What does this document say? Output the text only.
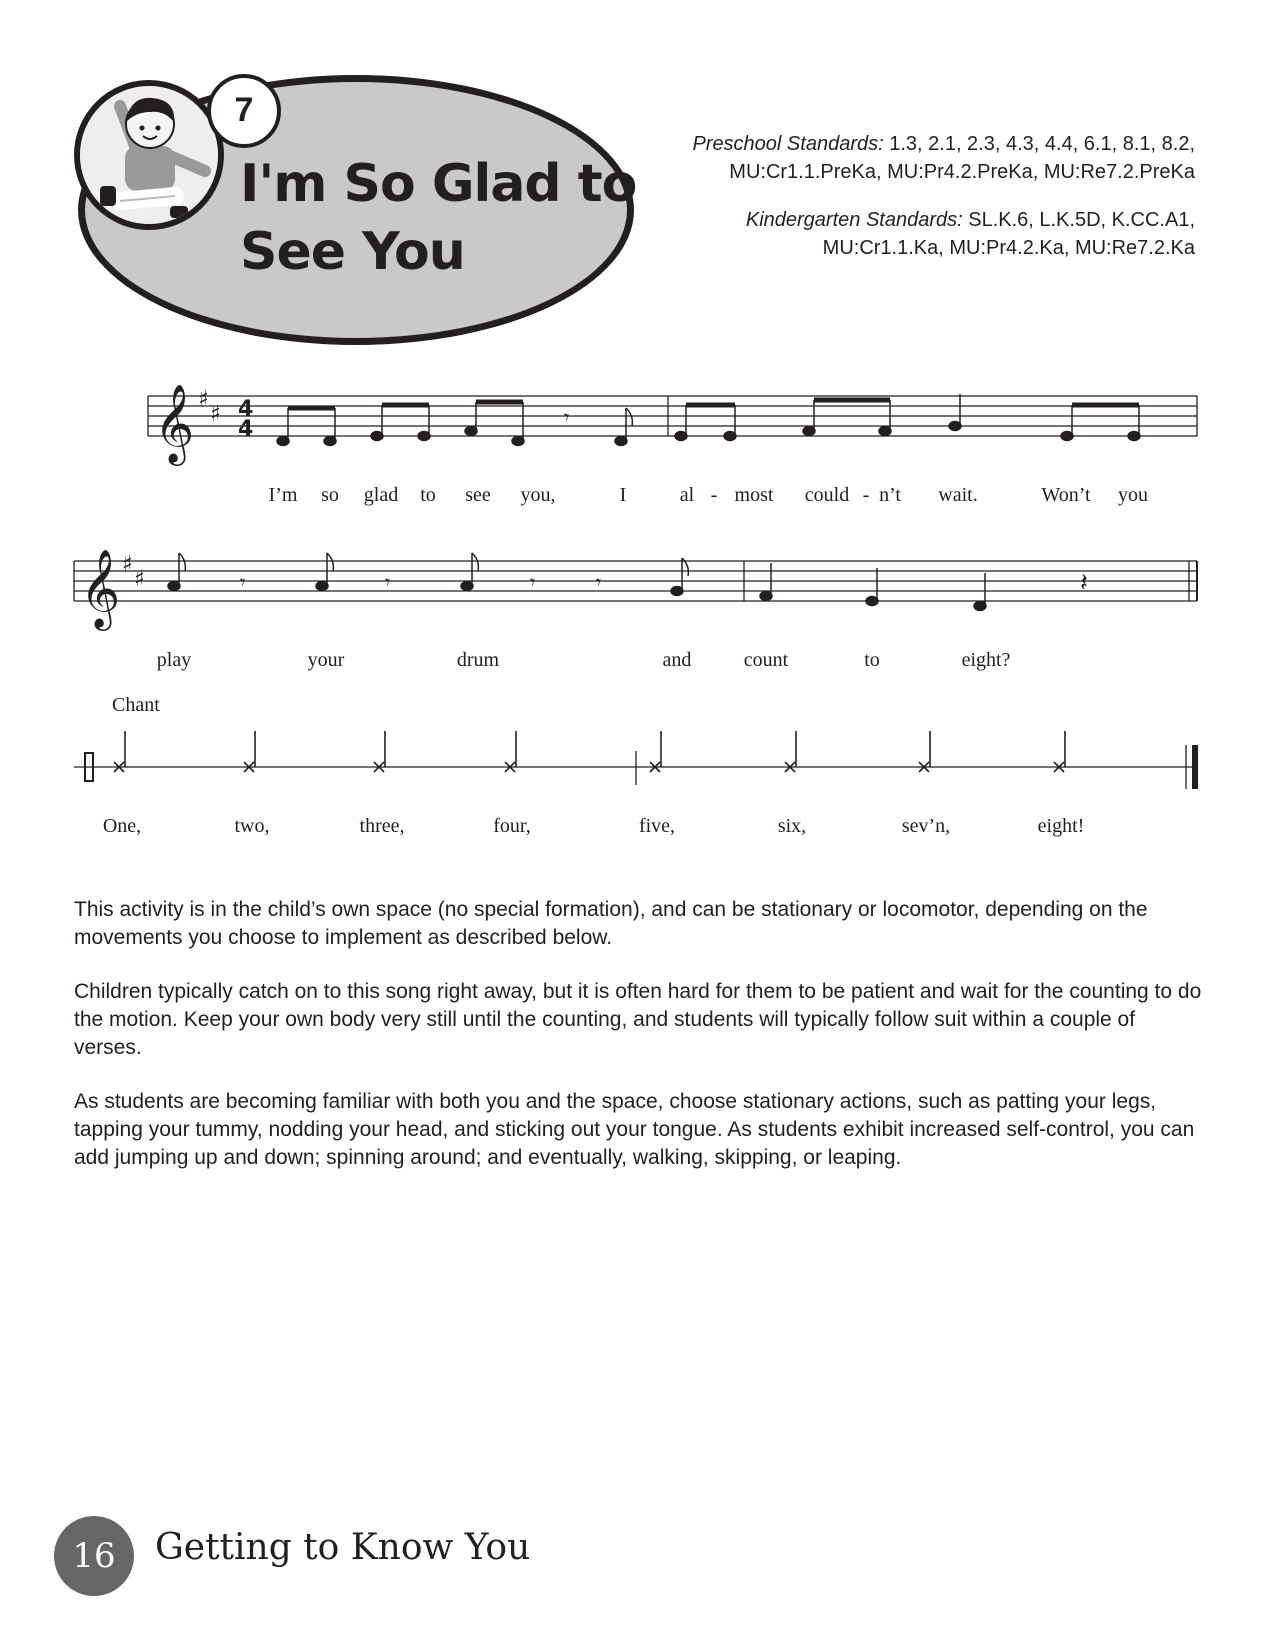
7
I'm So Glad to
See You
Preschool Standards: 1.3, 2.1, 2.3, 4.3, 4.4, 6.1, 8.1, 8.2,
MU:Cr1.1.PreKa, MU:Pr4.2.PreKa, MU:Re7.2.PreKa
Kindergarten Standards: SL.K.6, L.K.5D, K.CC.A1,
MU:Cr1.1.Ka, MU:Pr4.2.Ka, MU:Re7.2.Ka
𝄞 ♯
♯ 4
4	𝄾
I’m so glad to see you,	I	al - most could - n’t wait.	Won’t you
𝄞 ♯
♯	𝄾	𝄾	𝄾	𝄾	𝄽
play	your	drum	and	count	to	eight?
Chant
One,	two,	three,	four,	five,	six,	sev’n,	eight!

This activity is in the child’s own space (no special formation), and can be stationary or locomotor, depending on the movements you choose to implement as described below.

Children typically catch on to this song right away, but it is often hard for them to be patient and wait for the counting to do the motion. Keep your own body very still until the counting, and students will typically follow suit within a couple of verses.

As students are becoming familiar with both you and the space, choose stationary actions, such as patting your legs, tapping your tummy, nodding your head, and sticking out your tongue. As students exhibit increased self-control, you can add jumping up and down; spinning around; and eventually, walking, skipping, or leaping.

16	Getting to Know You
